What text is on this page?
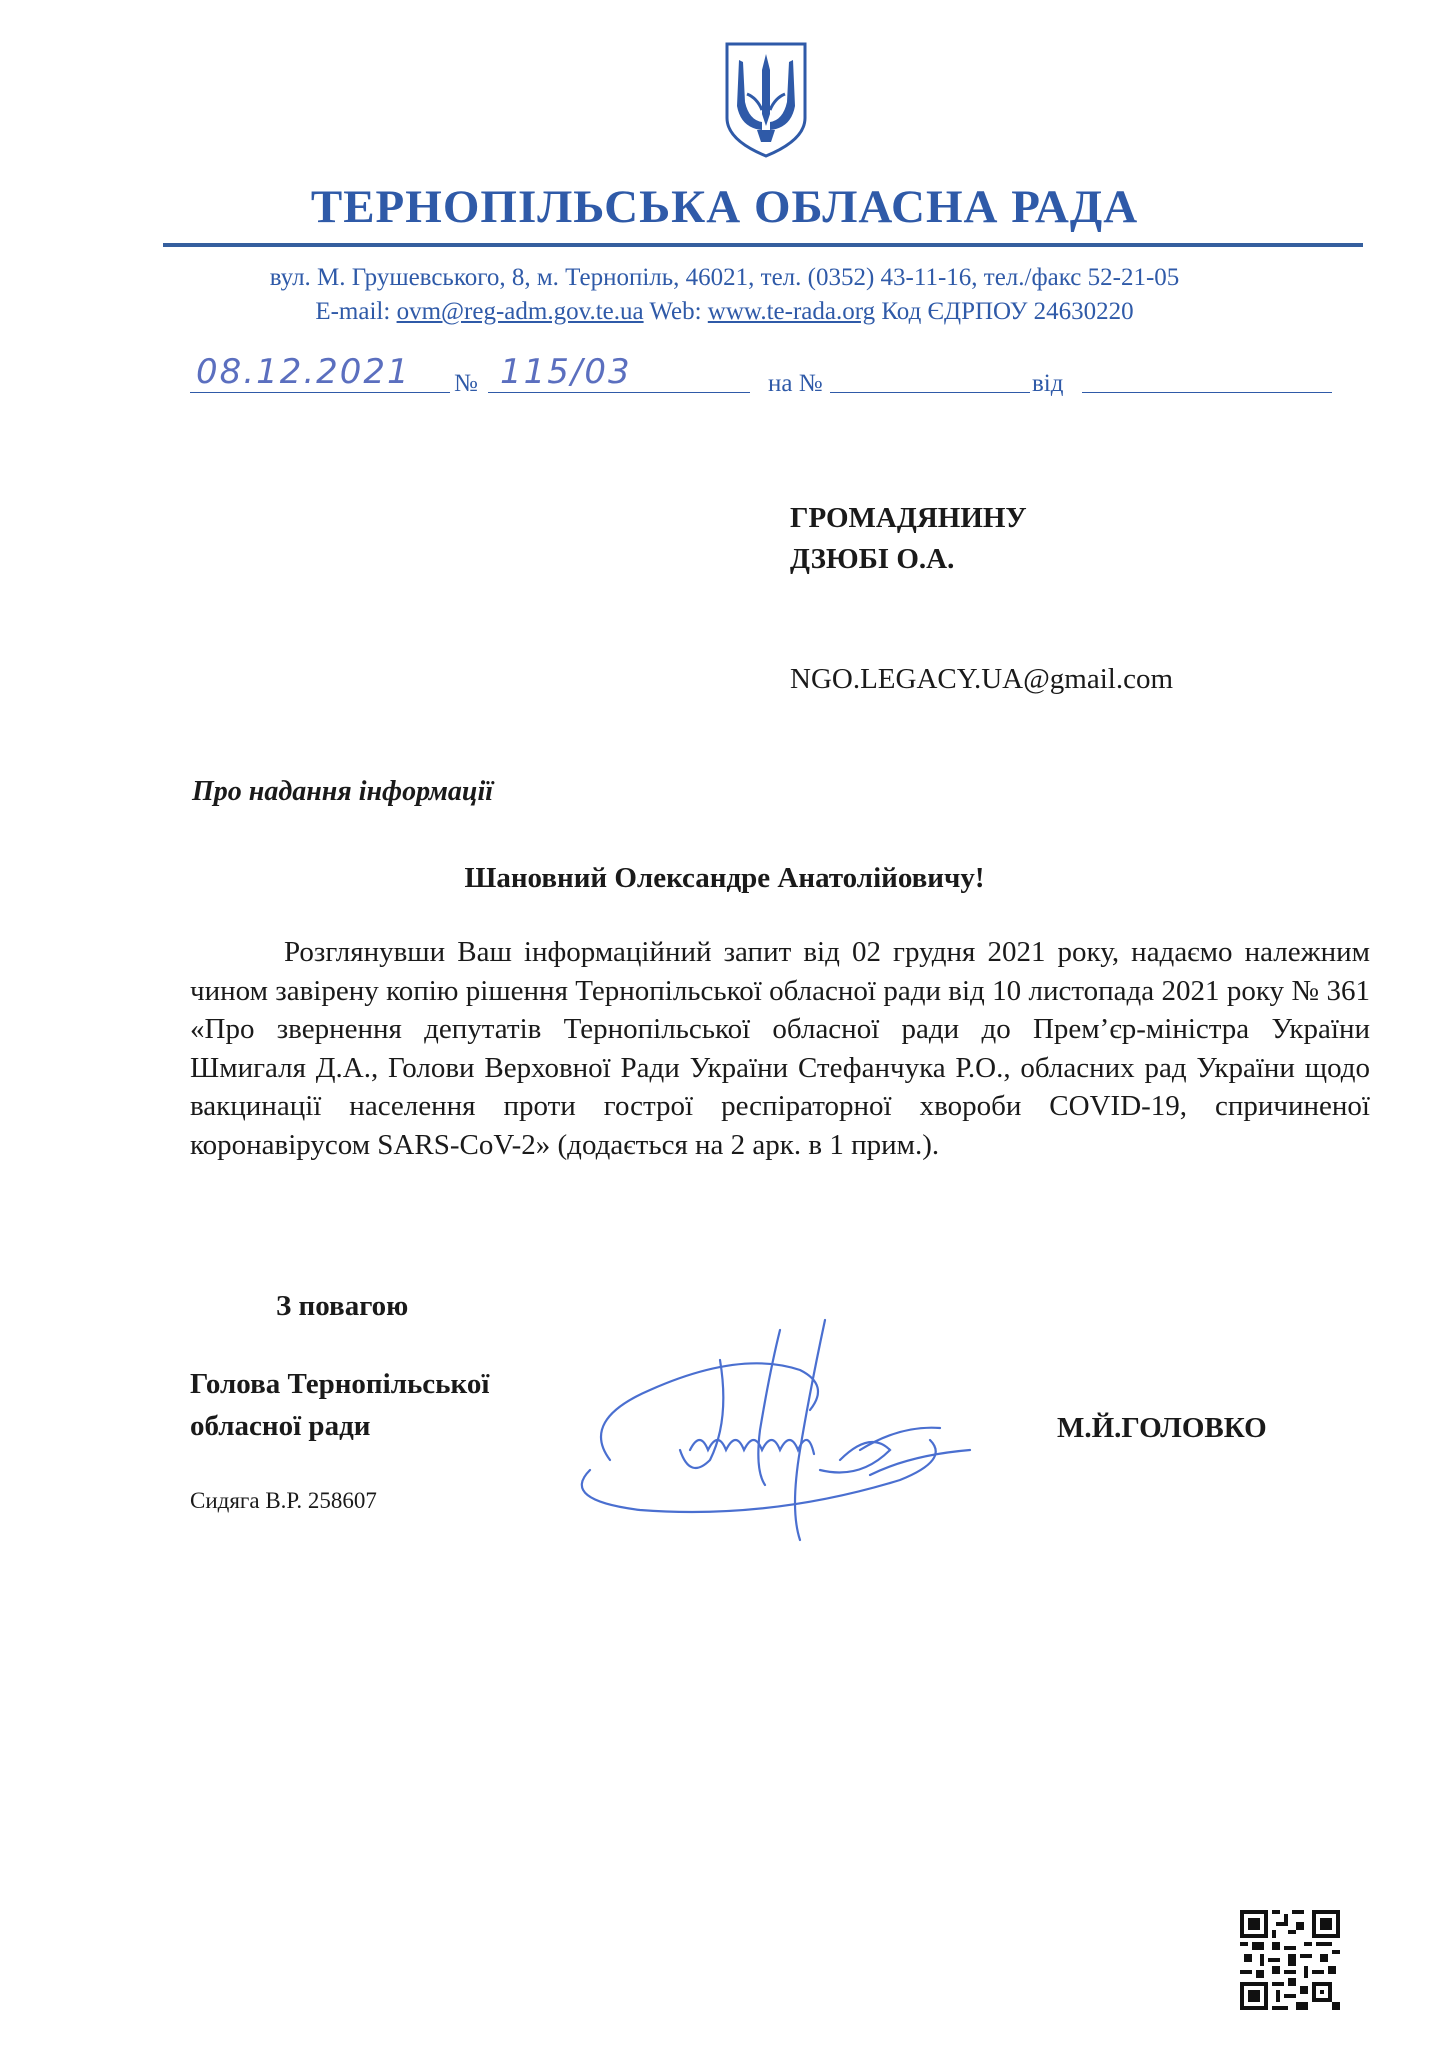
ТЕРНОПІЛЬСЬКА ОБЛАСНА РАДА
вул. М. Грушевського, 8, м. Тернопіль, 46021, тел. (0352) 43-11-16, тел./факс 52-21-05
E-mail: ovm@reg-adm.gov.te.ua Web: www.te-rada.org Код ЄДРПОУ 24630220
08.12.2021 № 115/03	на №	від
ГРОМАДЯНИНУ
ДЗЮБІ О.А.
NGO.LEGACY.UA@gmail.com
Про надання інформації
Шановний Олександре Анатолійовичу!
Розглянувши Ваш інформаційний запит від 02 грудня 2021 року, надаємо належним чином завірену копію рішення Тернопільської обласної ради від 10 листопада 2021 року № 361 «Про звернення депутатів Тернопільської обласної ради до Прем’єр-міністра України Шмигаля Д.А., Голови Верховної Ради України Стефанчука Р.О., обласних рад України щодо вакцинації населення проти гострої респіраторної хвороби COVID-19, спричиненої коронавірусом SARS-CoV-2» (додається на 2 арк. в 1 прим.).
З повагою
Голова Тернопільської
обласної ради	М.Й.ГОЛОВКО
Сидяга В.Р. 258607
